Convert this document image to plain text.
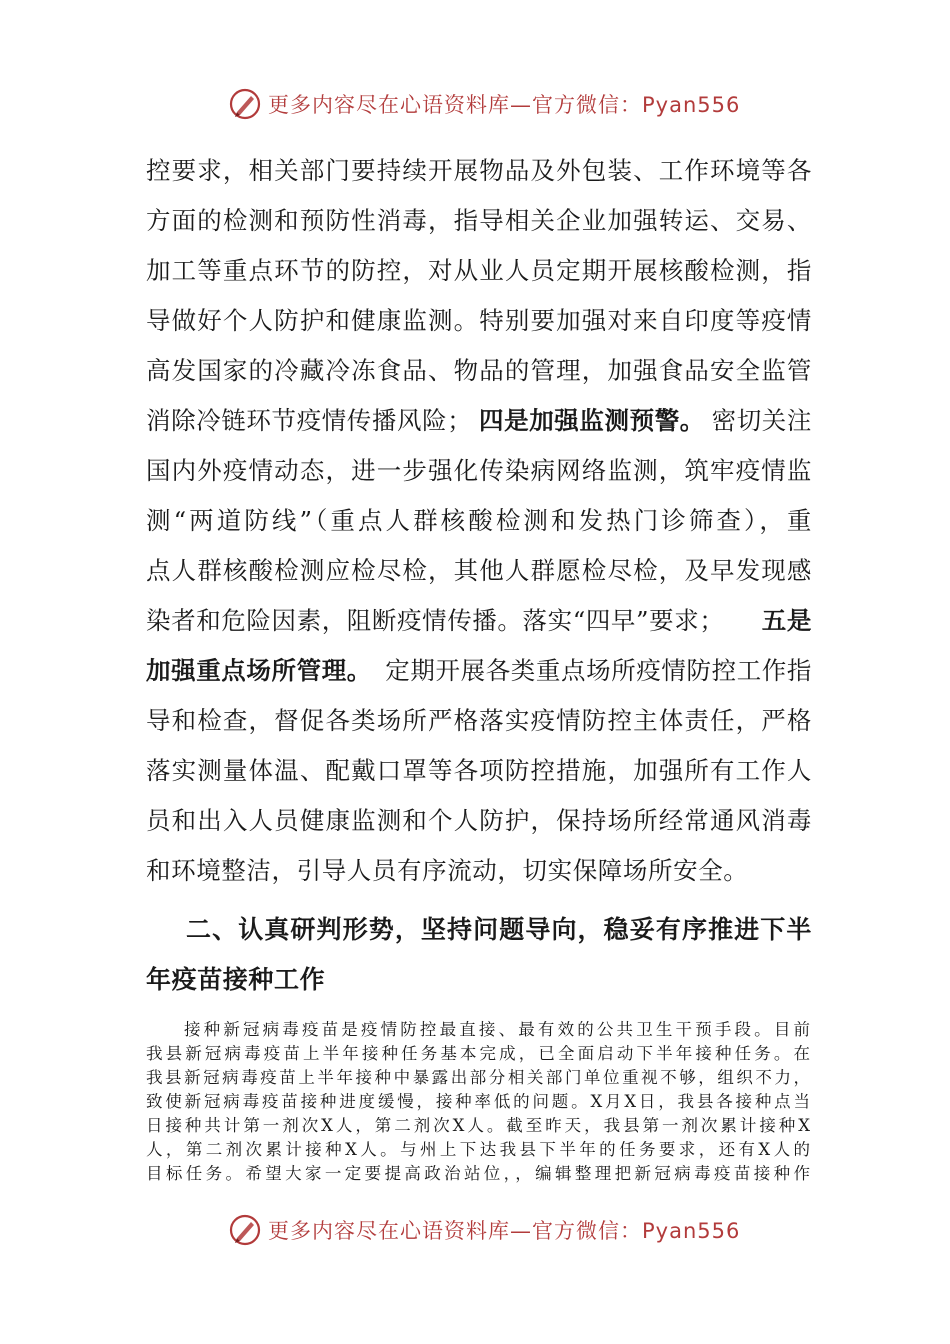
更多内容尽在心语资料库—官方微信：Pyan556
控要求，相关部门要持续开展物品及外包装、工作环境等各
方面的检测和预防性消毒，指导相关企业加强转运、交易、
加工等重点环节的防控，对从业人员定期开展核酸检测，指
导做好个人防护和健康监测。特别要加强对来自印度等疫情
高发国家的冷藏冷冻食品、物品的管理，加强食品安全监管
消除冷链环节疫情传播风险； 四是加强监测预警。 密切关注
国内外疫情动态，进一步强化传染病网络监测，筑牢疫情监
测“两道防线”（重点人群核酸检测和发热门诊筛查），重
点人群核酸检测应检尽检，其他人群愿检尽检，及早发现感
染者和危险因素，阻断疫情传播。落实“四早”要求； 五是
加强重点场所管理。 定期开展各类重点场所疫情防控工作指
导和检查，督促各类场所严格落实疫情防控主体责任，严格
落实测量体温、配戴口罩等各项防控措施，加强所有工作人
员和出入人员健康监测和个人防护，保持场所经常通风消毒
和环境整洁，引导人员有序流动，切实保障场所安全。
二、认真研判形势，坚持问题导向，稳妥有序推进下半
年疫苗接种工作
接种新冠病毒疫苗是疫情防控最直接、最有效的公共卫生干预手段。目前
我县新冠病毒疫苗上半年接种任务基本完成，已全面启动下半年接种任务。在
我县新冠病毒疫苗上半年接种中暴露出部分相关部门单位重视不够，组织不力，
致使新冠病毒疫苗接种进度缓慢，接种率低的问题。X月X日，我县各接种点当
日接种共计第一剂次X人，第二剂次X人。截至昨天，我县第一剂次累计接种X
人，第二剂次累计接种X人。与州上下达我县下半年的任务要求，还有X人的
目标任务。希望大家一定要提高政治站位，，编辑整理把新冠病毒疫苗接种作
更多内容尽在心语资料库—官方微信：Pyan556
